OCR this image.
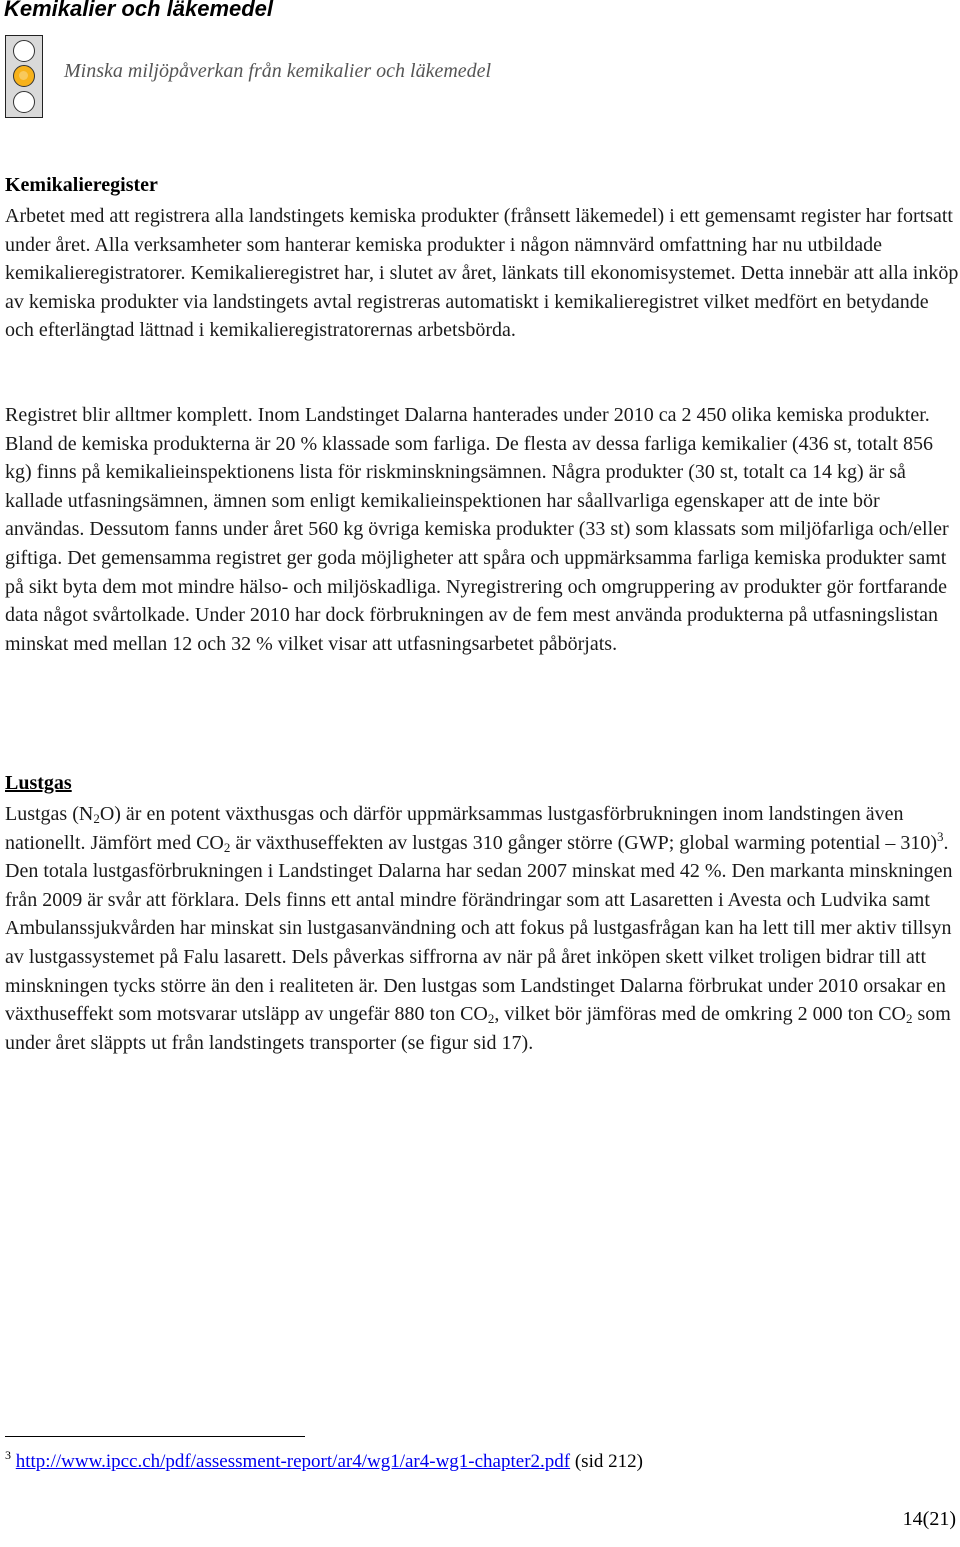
Kemikalier och läkemedel
Minska miljöpåverkan från kemikalier och läkemedel
Kemikalieregister

Arbetet med att registrera alla landstingets kemiska produkter (frånsett läkemedel) i ett gemensamt register har fortsatt under året. Alla verksamheter som hanterar kemiska produkter i någon nämnvärd omfattning har nu utbildade kemikalieregistratorer. Kemikalieregistret har, i slutet av året, länkats till ekonomisystemet. Detta innebär att alla inköp av kemiska produkter via landstingets avtal registreras automatiskt i kemikalieregistret vilket medfört en betydande och efterlängtad lättnad i kemikalieregistratorernas arbetsbörda.

Registret blir alltmer komplett. Inom Landstinget Dalarna hanterades under 2010 ca 2 450 olika kemiska produkter. Bland de kemiska produkterna är 20 % klassade som farliga. De flesta av dessa farliga kemikalier (436 st, totalt 856 kg) finns på kemikalieinspektionens lista för riskminskningsämnen. Några produkter (30 st, totalt ca 14 kg) är så kallade utfasningsämnen, ämnen som enligt kemikalieinspektionen har såallvarliga egenskaper att de inte bör användas. Dessutom fanns under året 560 kg övriga kemiska produkter (33 st) som klassats som miljöfarliga och/eller giftiga. Det gemensamma registret ger goda möjligheter att spåra och uppmärksamma farliga kemiska produkter samt på sikt byta dem mot mindre hälso- och miljöskadliga. Nyregistrering och omgruppering av produkter gör fortfarande data något svårtolkade. Under 2010 har dock förbrukningen av de fem mest använda produkterna på utfasningslistan minskat med mellan 12 och 32 % vilket visar att utfasningsarbetet påbörjats.

Lustgas

Lustgas $(N_2O)$ är en potent växthusgas och därför uppmärksammas lustgasförbrukningen inom landstingen även nationellt. Jämfört med $CO_2$ är växthuseffekten av lustgas 310 gånger större (GWP; global warming potential – 310)$^3$. Den totala lustgasförbrukningen i Landstinget Dalarna har sedan 2007 minskat med 42 %. Den markanta minskningen från 2009 är svår att förklara. Dels finns ett antal mindre förändringar som att Lasaretten i Avesta och Ludvika samt Ambulanssjukvården har minskat sin lustgasanvändning och att fokus på lustgasfrågan kan ha lett till mer aktiv tillsyn av lustgassystemet på Falu lasarett. Dels påverkas siffrorna av när på året inköpen skett vilket troligen bidrar till att minskningen tycks större än den i realiteten är. Den lustgas som Landstinget Dalarna förbrukat under 2010 orsakar en växthuseffekt som motsvarar utsläpp av ungefär 880 ton $CO_2$, vilket bör jämföras med de omkring 2 000 ton $CO_2$ som under året släppts ut från landstingets transporter (se figur sid 17).

$^3$ http://www.ipcc.ch/pdf/assessment-report/ar4/wg1/ar4-wg1-chapter2.pdf (sid 212)
14(21)
